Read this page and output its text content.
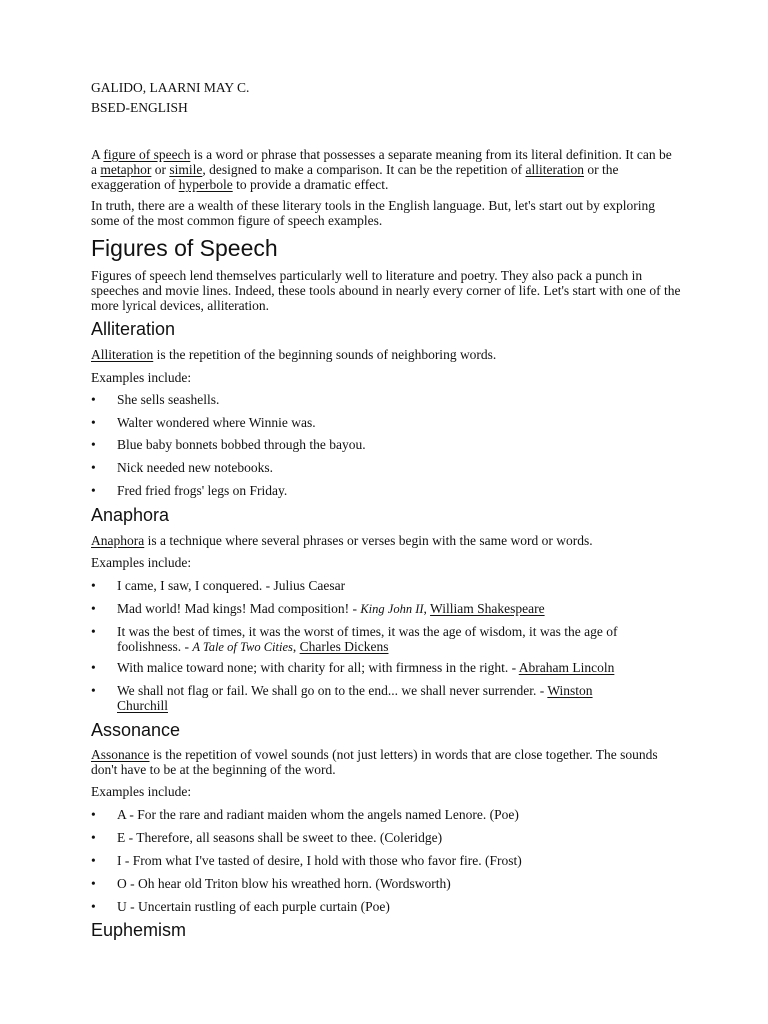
GALIDO, LAARNI MAY C.

BSED-ENGLISH

A figure of speech is a word or phrase that possesses a separate meaning from its literal definition. It can be a metaphor or simile, designed to make a comparison. It can be the repetition of alliteration or the exaggeration of hyperbole to provide a dramatic effect.

In truth, there are a wealth of these literary tools in the English language. But, let's start out by exploring some of the most common figure of speech examples.

Figures of Speech

Figures of speech lend themselves particularly well to literature and poetry. They also pack a punch in speeches and movie lines. Indeed, these tools abound in nearly every corner of life. Let's start with one of the more lyrical devices, alliteration.

Alliteration

Alliteration is the repetition of the beginning sounds of neighboring words.

Examples include:

•	She sells seashells.
•	Walter wondered where Winnie was.
•	Blue baby bonnets bobbed through the bayou.
•	Nick needed new notebooks.
•	Fred fried frogs' legs on Friday.
Anaphora

Anaphora is a technique where several phrases or verses begin with the same word or words.

Examples include:

•	I came, I saw, I conquered. - Julius Caesar
•	Mad world! Mad kings! Mad composition! - King John II, William Shakespeare
•	It was the best of times, it was the worst of times, it was the age of wisdom, it was the age of
foolishness. - A Tale of Two Cities, Charles Dickens
•	With malice toward none; with charity for all; with firmness in the right. - Abraham Lincoln
•	We shall not flag or fail. We shall go on to the end... we shall never surrender. - Winston
Churchill
Assonance

Assonance is the repetition of vowel sounds (not just letters) in words that are close together. The sounds don't have to be at the beginning of the word.

Examples include:

•	A - For the rare and radiant maiden whom the angels named Lenore. (Poe)
•	E - Therefore, all seasons shall be sweet to thee. (Coleridge)
•	I - From what I've tasted of desire, I hold with those who favor fire. (Frost)
•	O - Oh hear old Triton blow his wreathed horn. (Wordsworth)
•	U - Uncertain rustling of each purple curtain (Poe)
Euphemism
